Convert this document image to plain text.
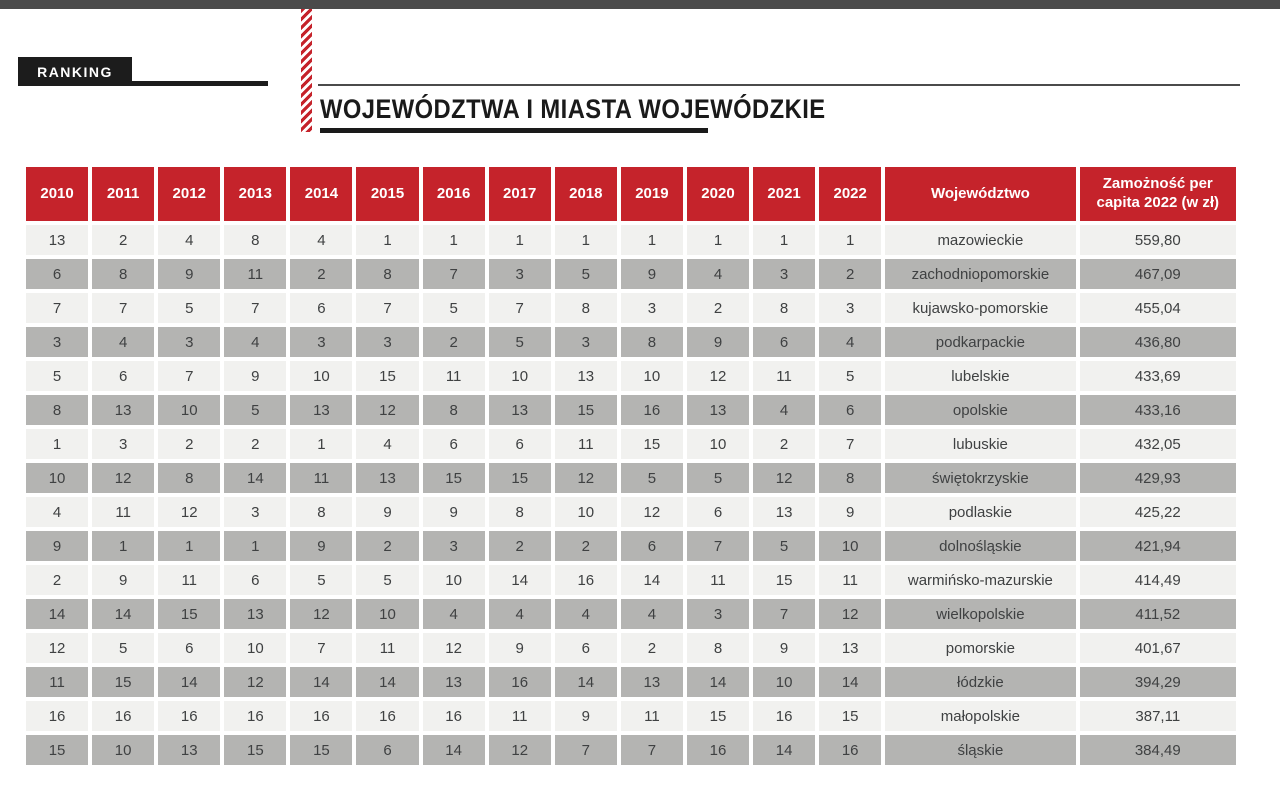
RANKING
WOJEWÓDZTWA I MIASTA WOJEWÓDZKIE
2010	2011	2012	2013	2014	2015	2016	2017	2018	2019	2020	2021	2022	Województwo	Zamożność per capita 2022 (w zł)
13	2	4	8	4	1	1	1	1	1	1	1	1	mazowieckie	559,80
6	8	9	11	2	8	7	3	5	9	4	3	2	zachodniopomorskie	467,09
7	7	5	7	6	7	5	7	8	3	2	8	3	kujawsko-pomorskie	455,04
3	4	3	4	3	3	2	5	3	8	9	6	4	podkarpackie	436,80
5	6	7	9	10	15	11	10	13	10	12	11	5	lubelskie	433,69
8	13	10	5	13	12	8	13	15	16	13	4	6	opolskie	433,16
1	3	2	2	1	4	6	6	11	15	10	2	7	lubuskie	432,05
10	12	8	14	11	13	15	15	12	5	5	12	8	świętokrzyskie	429,93
4	11	12	3	8	9	9	8	10	12	6	13	9	podlaskie	425,22
9	1	1	1	9	2	3	2	2	6	7	5	10	dolnośląskie	421,94
2	9	11	6	5	5	10	14	16	14	11	15	11	warmińsko-mazurskie	414,49
14	14	15	13	12	10	4	4	4	4	3	7	12	wielkopolskie	411,52
12	5	6	10	7	11	12	9	6	2	8	9	13	pomorskie	401,67
11	15	14	12	14	14	13	16	14	13	14	10	14	łódzkie	394,29
16	16	16	16	16	16	16	11	9	11	15	16	15	małopolskie	387,11
15	10	13	15	15	6	14	12	7	7	16	14	16	śląskie	384,49
